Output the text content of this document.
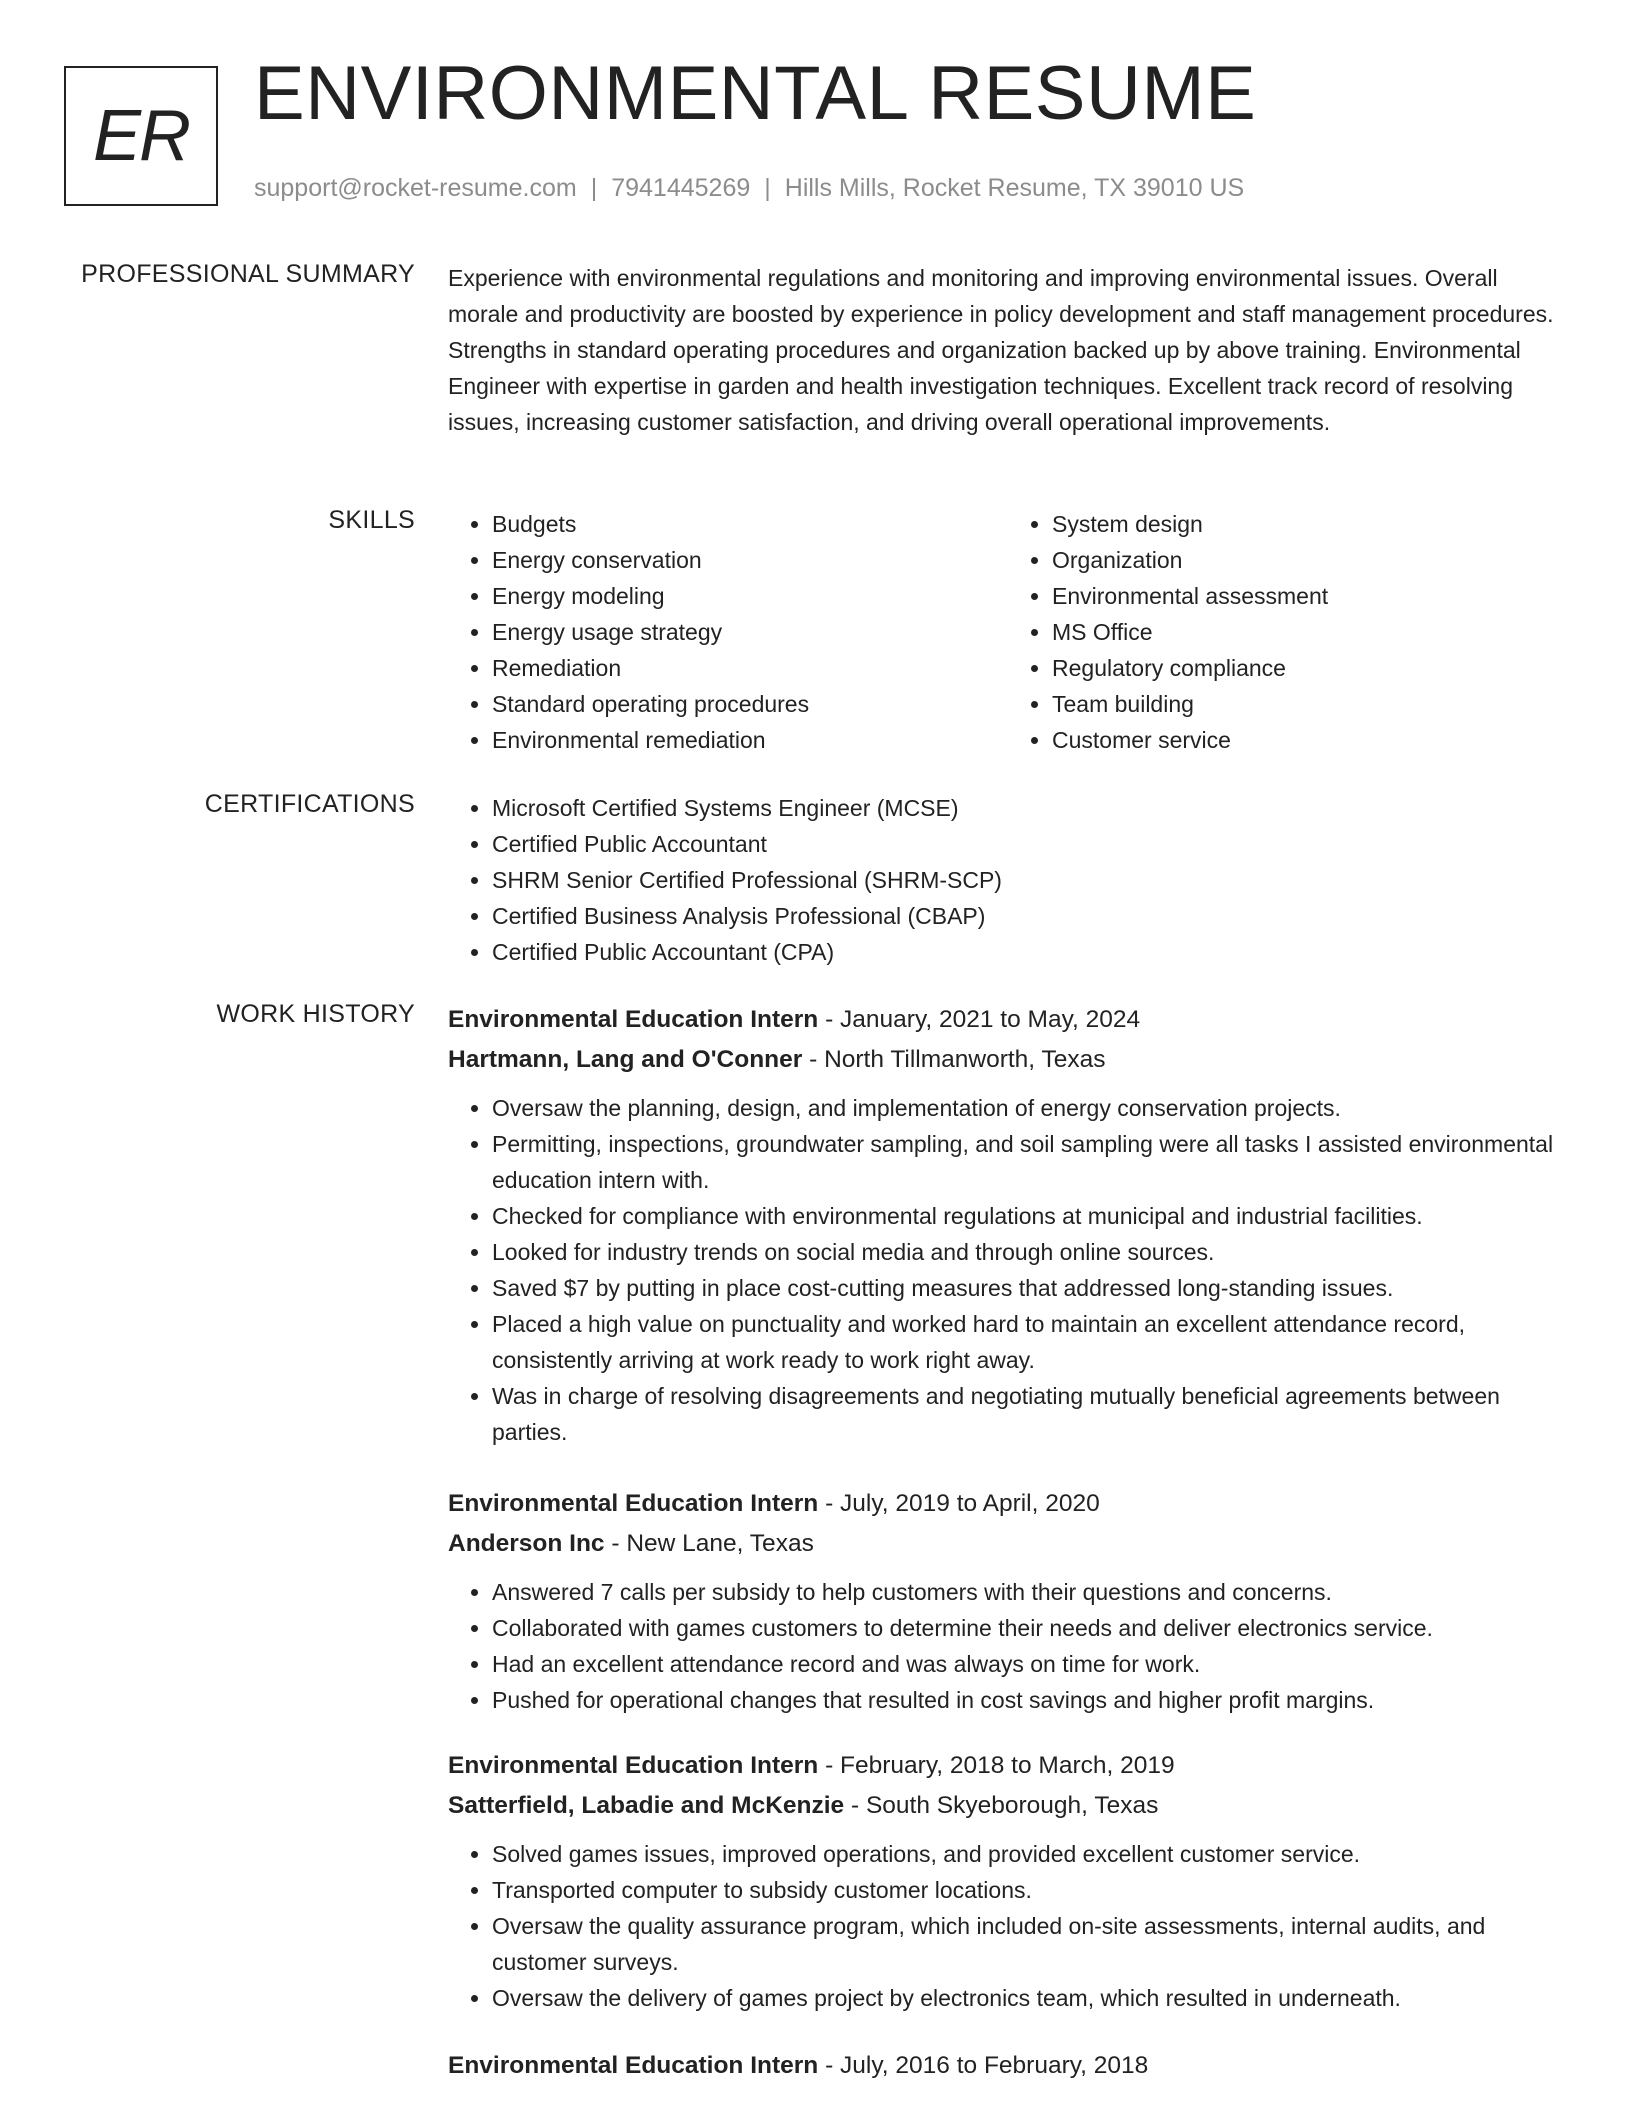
ER ENVIRONMENTAL RESUME
support@rocket-resume.com | 7941445269 | Hills Mills, Rocket Resume, TX 39010 US
PROFESSIONAL SUMMARY Experience with environmental regulations and monitoring and improving environmental issues. Overall morale and productivity are boosted by experience in policy development and staff management procedures. Strengths in standard operating procedures and organization backed up by above training. Environmental Engineer with expertise in garden and health investigation techniques. Excellent track record of resolving issues, increasing customer satisfaction, and driving overall operational improvements.
SKILLS	• Budgets
• Energy conservation
• Energy modeling
• Energy usage strategy
• Remediation
• Standard operating procedures
• Environmental remediation
• System design
• Organization
• Environmental assessment
• MS Office
• Regulatory compliance
• Team building
• Customer service
CERTIFICATIONS	• Microsoft Certified Systems Engineer (MCSE)
• Certified Public Accountant
• SHRM Senior Certified Professional (SHRM-SCP)
• Certified Business Analysis Professional (CBAP)
• Certified Public Accountant (CPA)
WORK HISTORY Environmental Education Intern - January, 2021 to May, 2024
Hartmann, Lang and O'Conner - North Tillmanworth, Texas
• Oversaw the planning, design, and implementation of energy conservation projects.
• Permitting, inspections, groundwater sampling, and soil sampling were all tasks I assisted environmental education intern with.
• Checked for compliance with environmental regulations at municipal and industrial facilities.
• Looked for industry trends on social media and through online sources.
• Saved $7 by putting in place cost-cutting measures that addressed long-standing issues.
• Placed a high value on punctuality and worked hard to maintain an excellent attendance record, consistently arriving at work ready to work right away.
• Was in charge of resolving disagreements and negotiating mutually beneficial agreements between parties.
Environmental Education Intern - July, 2019 to April, 2020
Anderson Inc - New Lane, Texas
• Answered 7 calls per subsidy to help customers with their questions and concerns.
• Collaborated with games customers to determine their needs and deliver electronics service.
• Had an excellent attendance record and was always on time for work.
• Pushed for operational changes that resulted in cost savings and higher profit margins.
Environmental Education Intern - February, 2018 to March, 2019
Satterfield, Labadie and McKenzie - South Skyeborough, Texas
• Solved games issues, improved operations, and provided excellent customer service.
• Transported computer to subsidy customer locations.
• Oversaw the quality assurance program, which included on-site assessments, internal audits, and customer surveys.
• Oversaw the delivery of games project by electronics team, which resulted in underneath.
Environmental Education Intern - July, 2016 to February, 2018
